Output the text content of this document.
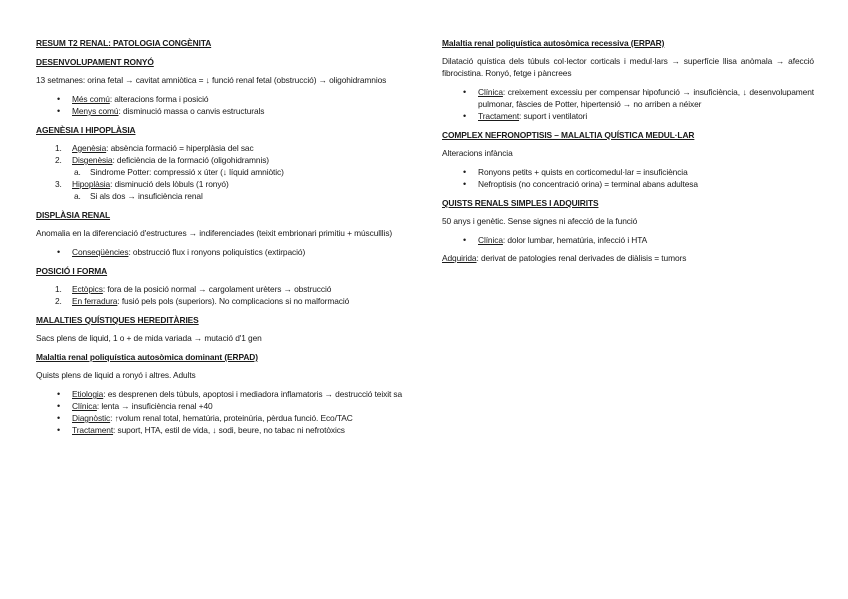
RESUM T2 RENAL: PATOLOGIA CONGÈNITA
DESENVOLUPAMENT RONYÓ
13 setmanes: orina fetal → cavitat amniòtica = ↓ funció renal fetal (obstrucció) → oligohidramnios
• Més comú: alteracions forma i posició
• Menys comú: disminució massa o canvis estructurals
AGENÈSIA I HIPOPLÀSIA
1. Agenèsia: absència formació = hiperplàsia del sac
2. Disgenèsia: deficiència de la formació (oligohidramnis)
a. Sindrome Potter: compressió x úter (↓ líquid amniòtic)
3. Hipoplàsia: disminució dels lòbuls (1 ronyó)
a. Si als dos → insuficiència renal
DISPLÀSIA RENAL
Anomalia en la diferenciació d'estructures → indiferenciades (teixit embrionari primitiu + músculllis)
• Conseqüències: obstrucció flux i ronyons poliquístics (extirpació)
POSICIÓ I FORMA
1. Ectòpics: fora de la posició normal → cargolament urèters → obstrucció
2. En ferradura: fusió pels pols (superiors). No complicacions si no malformació
MALALTIES QUÍSTIQUES HEREDITÀRIES
Sacs plens de liquid, 1 o + de mida variada → mutació d'1 gen
Malaltia renal poliquística autosòmica dominant (ERPAD)
Quists plens de liquid a ronyó i altres. Adults
• Etiologia: es desprenen dels túbuls, apoptosi i mediadora inflamatoris → destrucció teixit sa
• Clínica: lenta → insuficiència renal +40
• Diagnòstic: ↑volum renal total, hematúria, proteinúria, pèrdua funció. Eco/TAC
• Tractament: suport, HTA, estil de vida, ↓ sodi, beure, no tabac ni nefrotòxics
Malaltia renal poliquística autosòmica recessiva (ERPAR)
Dilatació quística dels túbuls col·lector corticals i medul·lars → superfície llisa anòmala → afecció fibrocistina. Ronyó, fetge i pàncrees
• Clínica: creixement excessiu per compensar hipofunció → insuficiència, ↓ desenvolupament pulmonar, fàscies de Potter, hipertensió → no arriben a néixer
• Tractament: suport i ventilatori
COMPLEX NEFRONOPTISIS – MALALTIA QUÍSTICA MEDUL·LAR
Alteracions infància
• Ronyons petits + quists en corticomedul·lar = insuficiència
• Nefroptisis (no concentració orina) = terminal abans adultesa
QUISTS RENALS SIMPLES I ADQUIRITS
50 anys i genètic. Sense signes ni afecció de la funció
• Clínica: dolor lumbar, hematúria, infecció i HTA
Adquirida: derivat de patologies renal derivades de diàlisis = tumors
